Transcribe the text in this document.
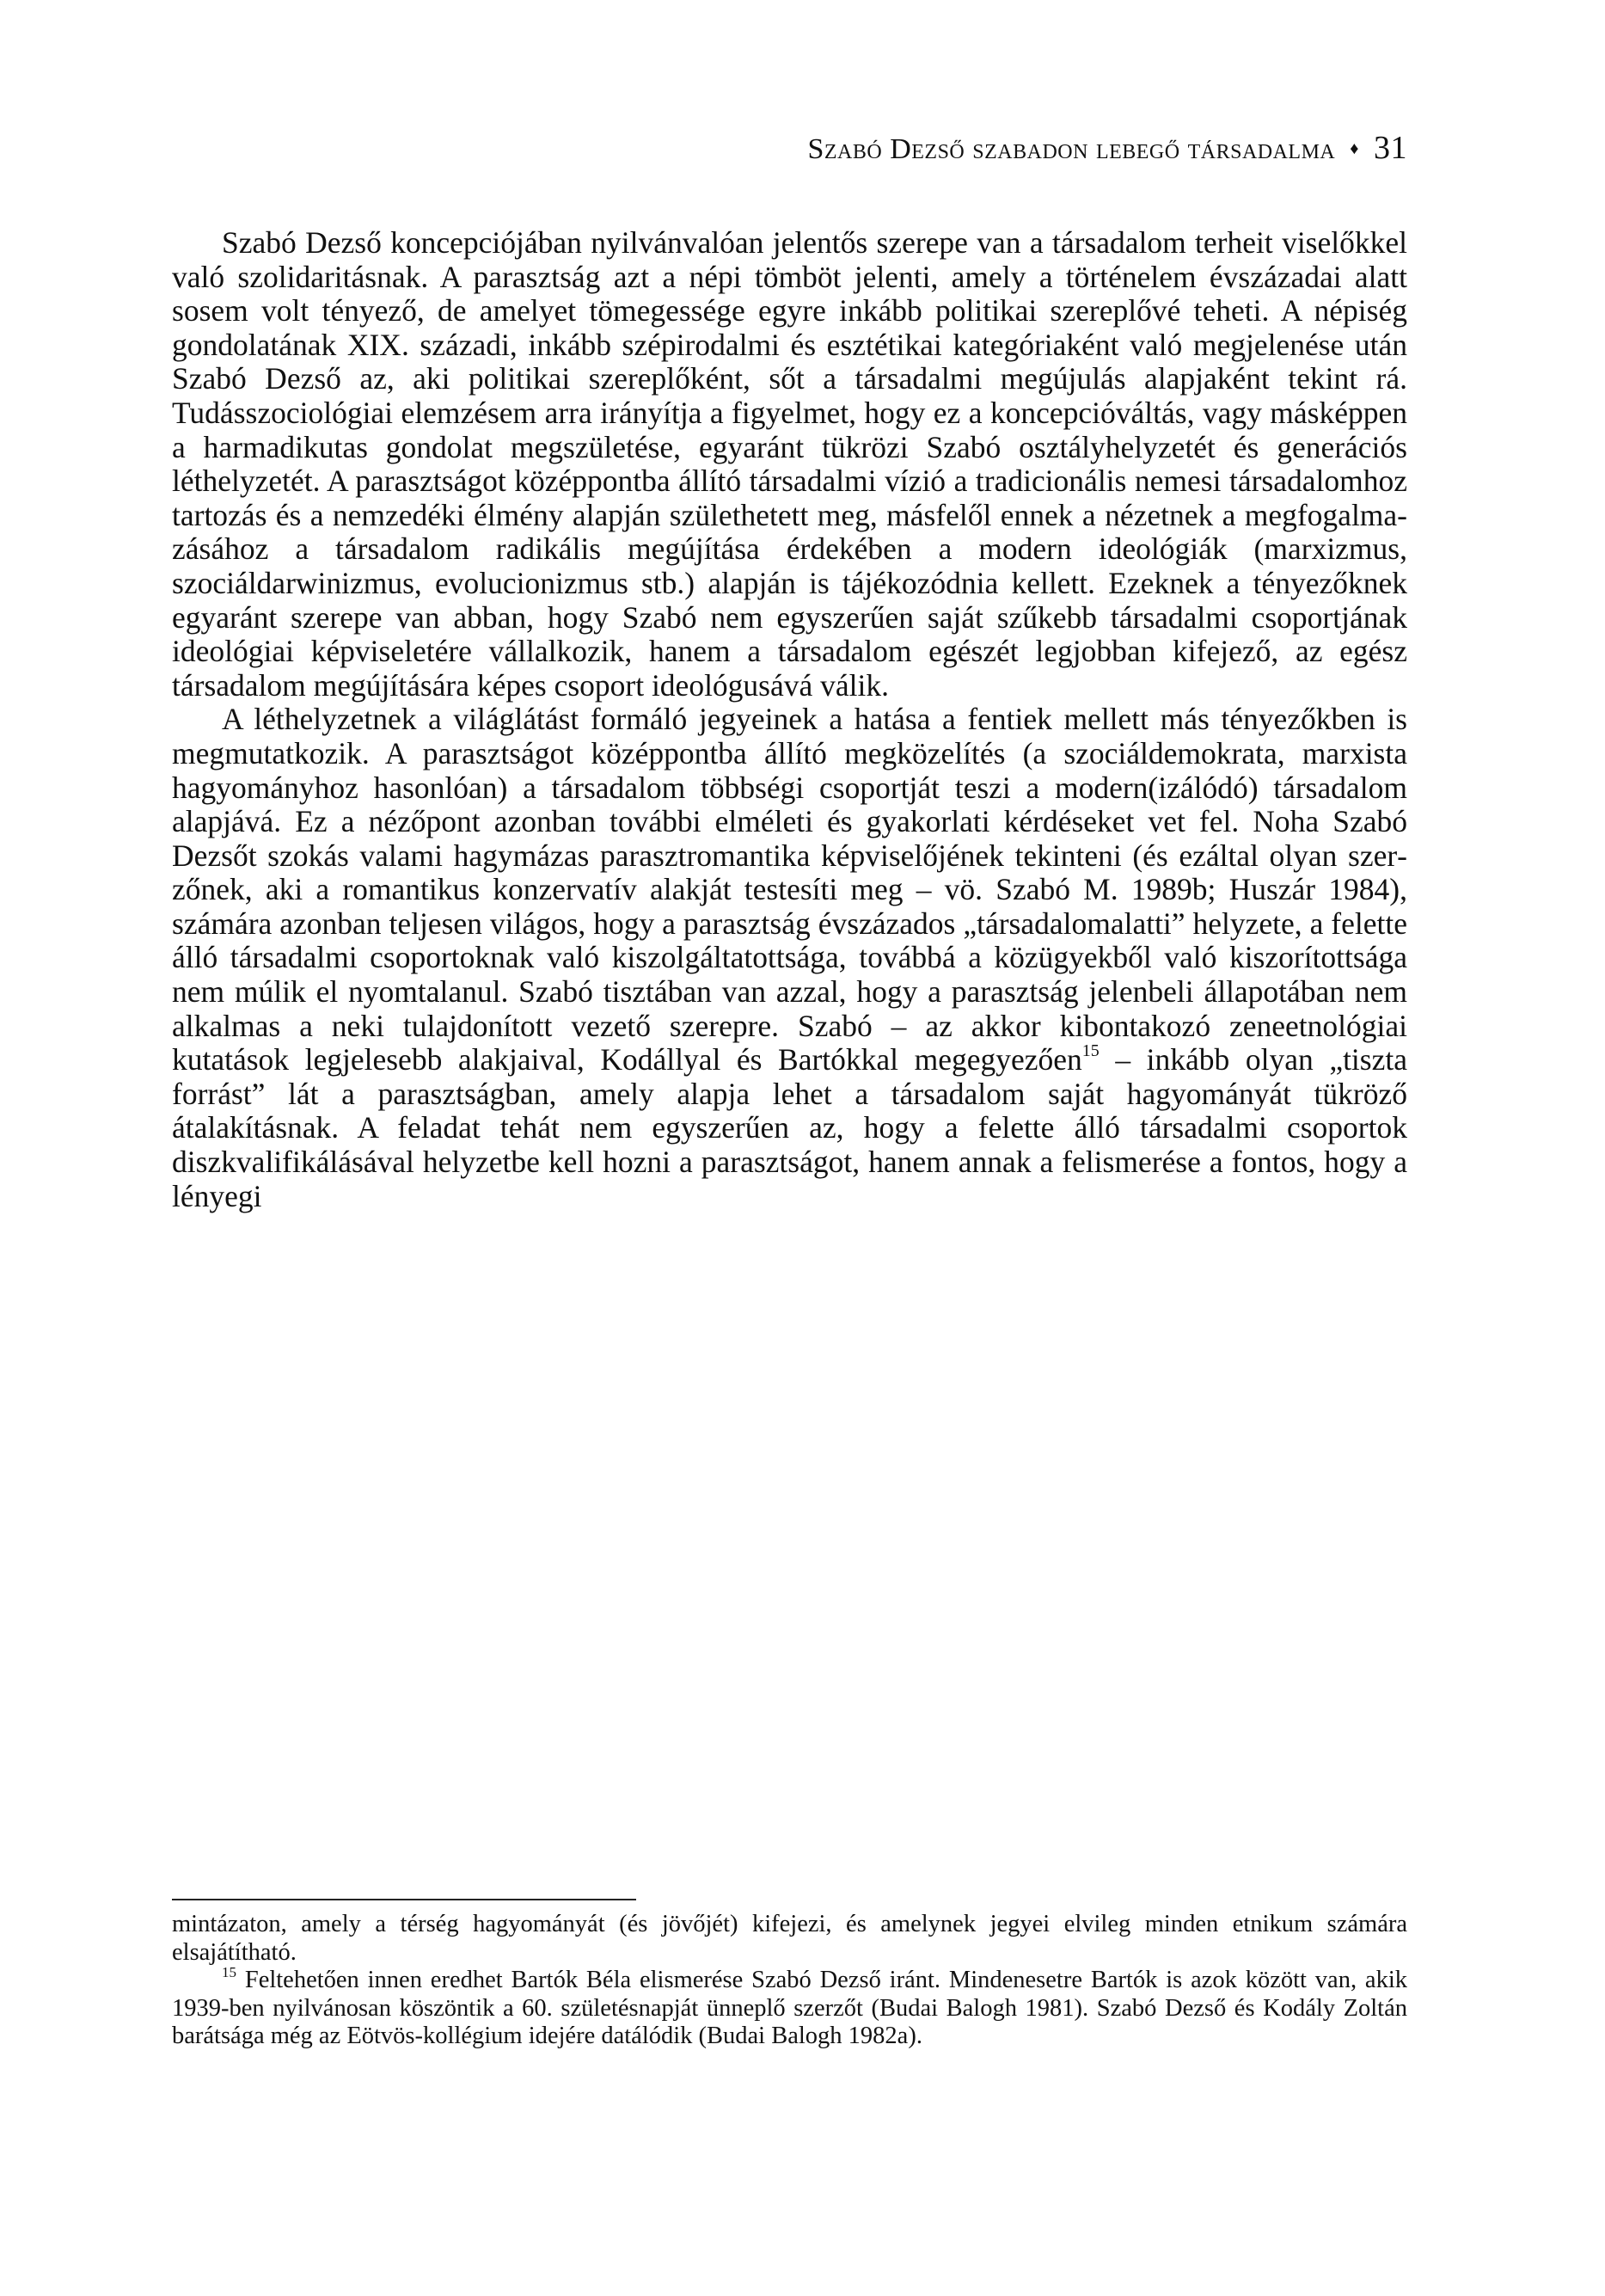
Szabó Dezső szabadon lebegő társadalma ♦ 31

Szabó Dezső koncepciójában nyilvánvalóan jelentős szerepe van a társadalom terheit viselőkkel való szolidaritásnak. A parasztság azt a népi tömböt jelenti, amely a történelem évszázadai alatt sosem volt tényező, de amelyet tömegessége egyre inkább politikai szereplővé teheti. A népiség gondolatának XIX. századi, inkább szépirodalmi és esztétikai kategóriaként való megjelenése után Szabó Dezső az, aki politikai szereplőként, sőt a társadalmi megújulás alapjaként tekint rá. Tudásszociológiai elemzésem arra irányítja a figyelmet, hogy ez a koncepcióváltás, vagy másképpen a harmadikutas gondolat megszületése, egyaránt tükrözi Szabó osztályhelyzetét és generációs léthelyzetét. A parasztságot középpontba állító társadalmi vízió a tradicionális nemesi társadalomhoz tartozás és a nemzedéki élmény alapján születhetett meg, másfelől ennek a nézetnek a megfogalmazásához a társadalom radikális megújítása érdekében a modern ideológiák (marxizmus, szociáldarwinizmus, evolucionizmus stb.) alapján is tájékozódnia kellett. Ezeknek a tényezőknek egyaránt szerepe van abban, hogy Szabó nem egyszerűen saját szűkebb társadalmi csoportjának ideológiai képviseletére vállalkozik, hanem a társadalom egészét legjobban kifejező, az egész társadalom megújítására képes csoport ideológusává válik.

A léthelyzetnek a világlátást formáló jegyeinek a hatása a fentiek mellett más tényezőkben is megmutatkozik. A parasztságot középpontba állító megközelítés (a szociáldemokrata, marxista hagyományhoz hasonlóan) a társadalom többségi csoportját teszi a modern(izálódó) társadalom alapjává. Ez a nézőpont azonban további elméleti és gyakorlati kérdéseket vet fel. Noha Szabó Dezsőt szokás valami hagymázas parasztromantika képviselőjének tekinteni (és ezáltal olyan szerzőnek, aki a romantikus konzervatív alakját testesíti meg – vö. Szabó M. 1989b; Huszár 1984), számára azonban teljesen világos, hogy a parasztság évszázados „társadalomalatti” helyzete, a felette álló társadalmi csoportoknak való kiszolgáltatottsága, továbbá a közügyekből való kiszorítottsága nem múlik el nyomtalanul. Szabó tisztában van azzal, hogy a parasztság jelenbeli állapotában nem alkalmas a neki tulajdonított vezető szerepre. Szabó – az akkor kibontakozó zeneetnológiai kutatások legjelesebb alakjaival, Kodállyal és Bartókkal megegyezően$^{15}$ – inkább olyan „tiszta forrást” lát a parasztságban, amely alapja lehet a társadalom saját hagyományát tükröző átalakításnak. A feladat tehát nem egyszerűen az, hogy a felette álló társadalmi csoportok diszkvalifikálásával helyzetbe kell hozni a parasztságot, hanem annak a felismerése a fontos, hogy a lényegi

mintázaton, amely a térség hagyományát (és jövőjét) kifejezi, és amelynek jegyei elvileg minden etnikum számára elsajátítható.

$^{15}$ Feltehetően innen eredhet Bartók Béla elismerése Szabó Dezső iránt. Mindenesetre Bartók is azok között van, akik 1939-ben nyilvánosan köszöntik a 60. születésnapját ünneplő szerzőt (Budai Balogh 1981). Szabó Dezső és Kodály Zoltán barátsága még az Eötvös-kollégium idejére datálódik (Budai Balogh 1982a).
